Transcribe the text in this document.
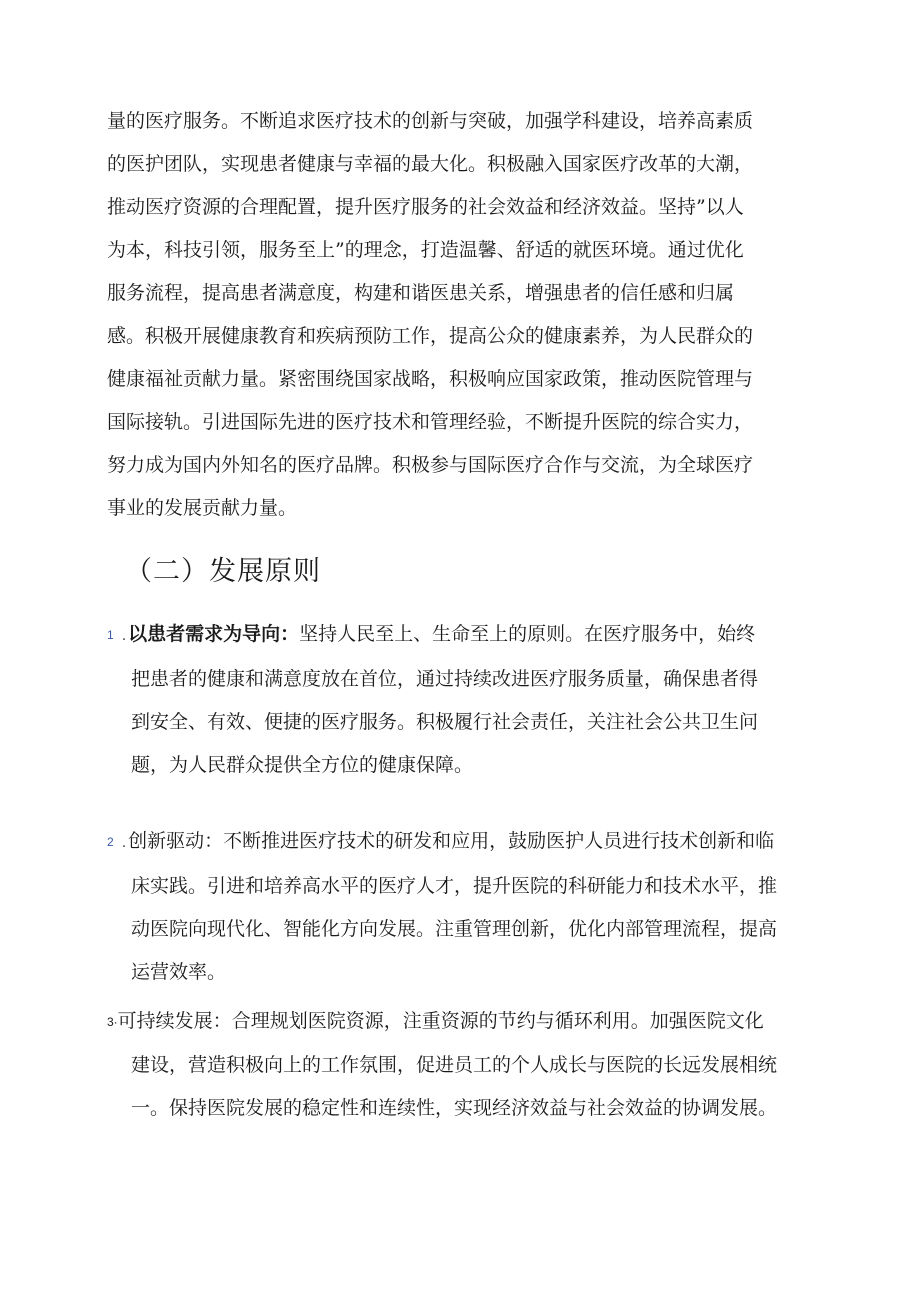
量的医疗服务。不断追求医疗技术的创新与突破，加强学科建设，培养高素质
的医护团队，实现患者健康与幸福的最大化。积极融入国家医疗改革的大潮，
推动医疗资源的合理配置，提升医疗服务的社会效益和经济效益。坚持”以人
为本，科技引领，服务至上”的理念，打造温馨、舒适的就医环境。通过优化
服务流程，提高患者满意度，构建和谐医患关系，增强患者的信任感和归属
感。积极开展健康教育和疾病预防工作，提高公众的健康素养，为人民群众的
健康福祉贡献力量。紧密围绕国家战略，积极响应国家政策，推动医院管理与
国际接轨。引进国际先进的医疗技术和管理经验，不断提升医院的综合实力，
努力成为国内外知名的医疗品牌。积极参与国际医疗合作与交流，为全球医疗
事业的发展贡献力量。
（二）发展原则
1 . 以患者需求为导向：坚持人民至上、生命至上的原则。在医疗服务中，始终
把患者的健康和满意度放在首位，通过持续改进医疗服务质量，确保患者得
到安全、有效、便捷的医疗服务。积极履行社会责任，关注社会公共卫生问
题，为人民群众提供全方位的健康保障。
2 . 创新驱动：不断推进医疗技术的研发和应用，鼓励医护人员进行技术创新和临
床实践。引进和培养高水平的医疗人才，提升医院的科研能力和技术水平，推
动医院向现代化、智能化方向发展。注重管理创新，优化内部管理流程，提高
运营效率。
3·可持续发展：合理规划医院资源，注重资源的节约与循环利用。加强医院文化
建设，营造积极向上的工作氛围，促进员工的个人成长与医院的长远发展相统
一。保持医院发展的稳定性和连续性，实现经济效益与社会效益的协调发展。
